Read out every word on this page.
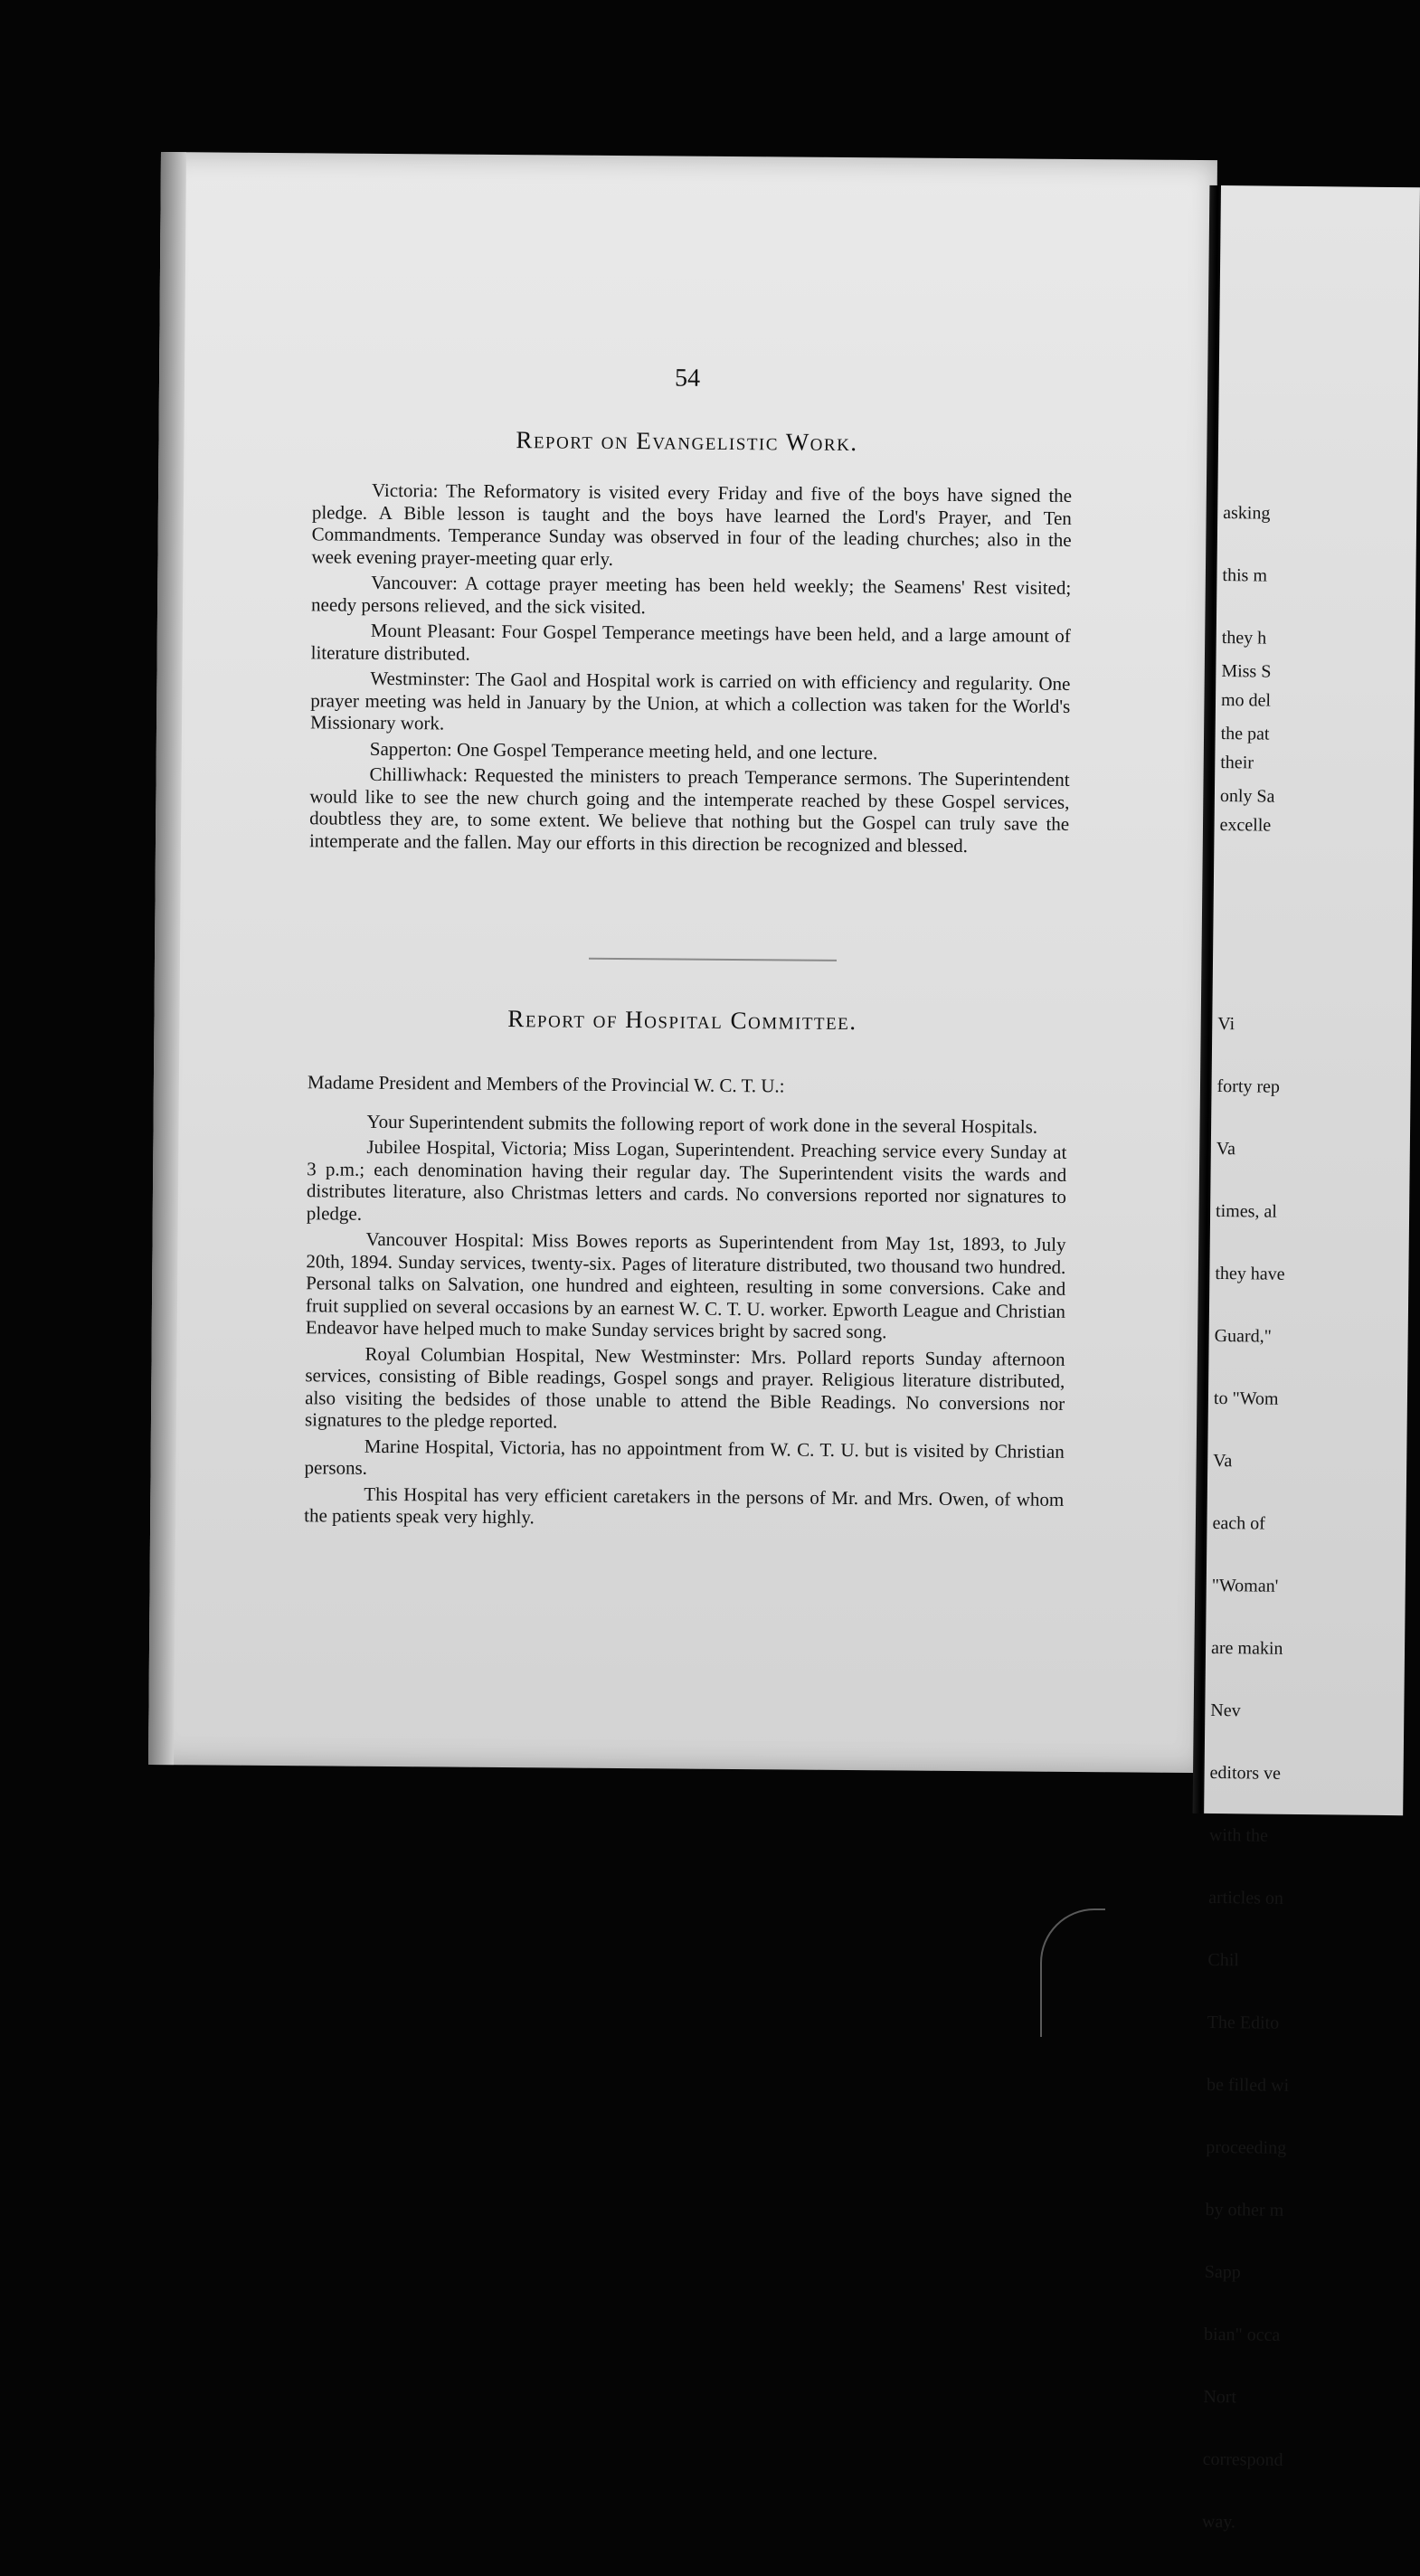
54
Report on Evangelistic Work.

Victoria: The Reformatory is visited every Friday and five of the boys have signed the pledge. A Bible lesson is taught and the boys have learned the Lord's Prayer, and Ten Commandments. Temperance Sunday was observed in four of the leading churches; also in the week evening prayer-meeting quar erly.

Vancouver: A cottage prayer meeting has been held weekly; the Seamens' Rest visited; needy persons relieved, and the sick visited.

Mount Pleasant: Four Gospel Temperance meetings have been held, and a large amount of literature distributed.

Westminster: The Gaol and Hospital work is carried on with efficiency and regularity. One prayer meeting was held in January by the Union, at which a collection was taken for the World's Missionary work.

Sapperton: One Gospel Temperance meeting held, and one lecture.

Chilliwhack: Requested the ministers to preach Temperance sermons. The Superintendent would like to see the new church going and the intemperate reached by these Gospel services, doubtless they are, to some extent. We believe that nothing but the Gospel can truly save the intemperate and the fallen. May our efforts in this direction be recognized and blessed.

Report of Hospital Committee.

Madame President and Members of the Provincial W. C. T. U.:

Your Superintendent submits the following report of work done in the several Hospitals.

Jubilee Hospital, Victoria; Miss Logan, Superintendent. Preaching service every Sunday at 3 p.m.; each denomination having their regular day. The Superintendent visits the wards and distributes literature, also Christmas letters and cards. No conversions reported nor signatures to pledge.

Vancouver Hospital: Miss Bowes reports as Superintendent from May 1st, 1893, to July 20th, 1894. Sunday services, twenty-six. Pages of literature distributed, two thousand two hundred. Personal talks on Salvation, one hundred and eighteen, resulting in some conversions. Cake and fruit supplied on several occasions by an earnest W. C. T. U. worker. Epworth League and Christian Endeavor have helped much to make Sunday services bright by sacred song.

Royal Columbian Hospital, New Westminster: Mrs. Pollard reports Sunday afternoon services, consisting of Bible readings, Gospel songs and prayer. Religious literature distributed, also visiting the bedsides of those unable to attend the Bible Readings. No conversions nor signatures to the pledge reported.

Marine Hospital, Victoria, has no appointment from W. C. T. U. but is visited by Christian persons.

This Hospital has very efficient caretakers in the persons of Mr. and Mrs. Owen, of whom the patients speak very highly.

asking

this m

they h

mo del

their

excelle

Miss S

the pat

only Sa

Vi

forty rep

Va

times, al

they have

Guard,"

to "Wom

Va

each of

"Woman'

are makin

Nev

editors ve

with the

articles on

Chil

The Edito

be filled wi

proceeding

by other m

Sapp

bian" occa

Nort

correspond

way.
